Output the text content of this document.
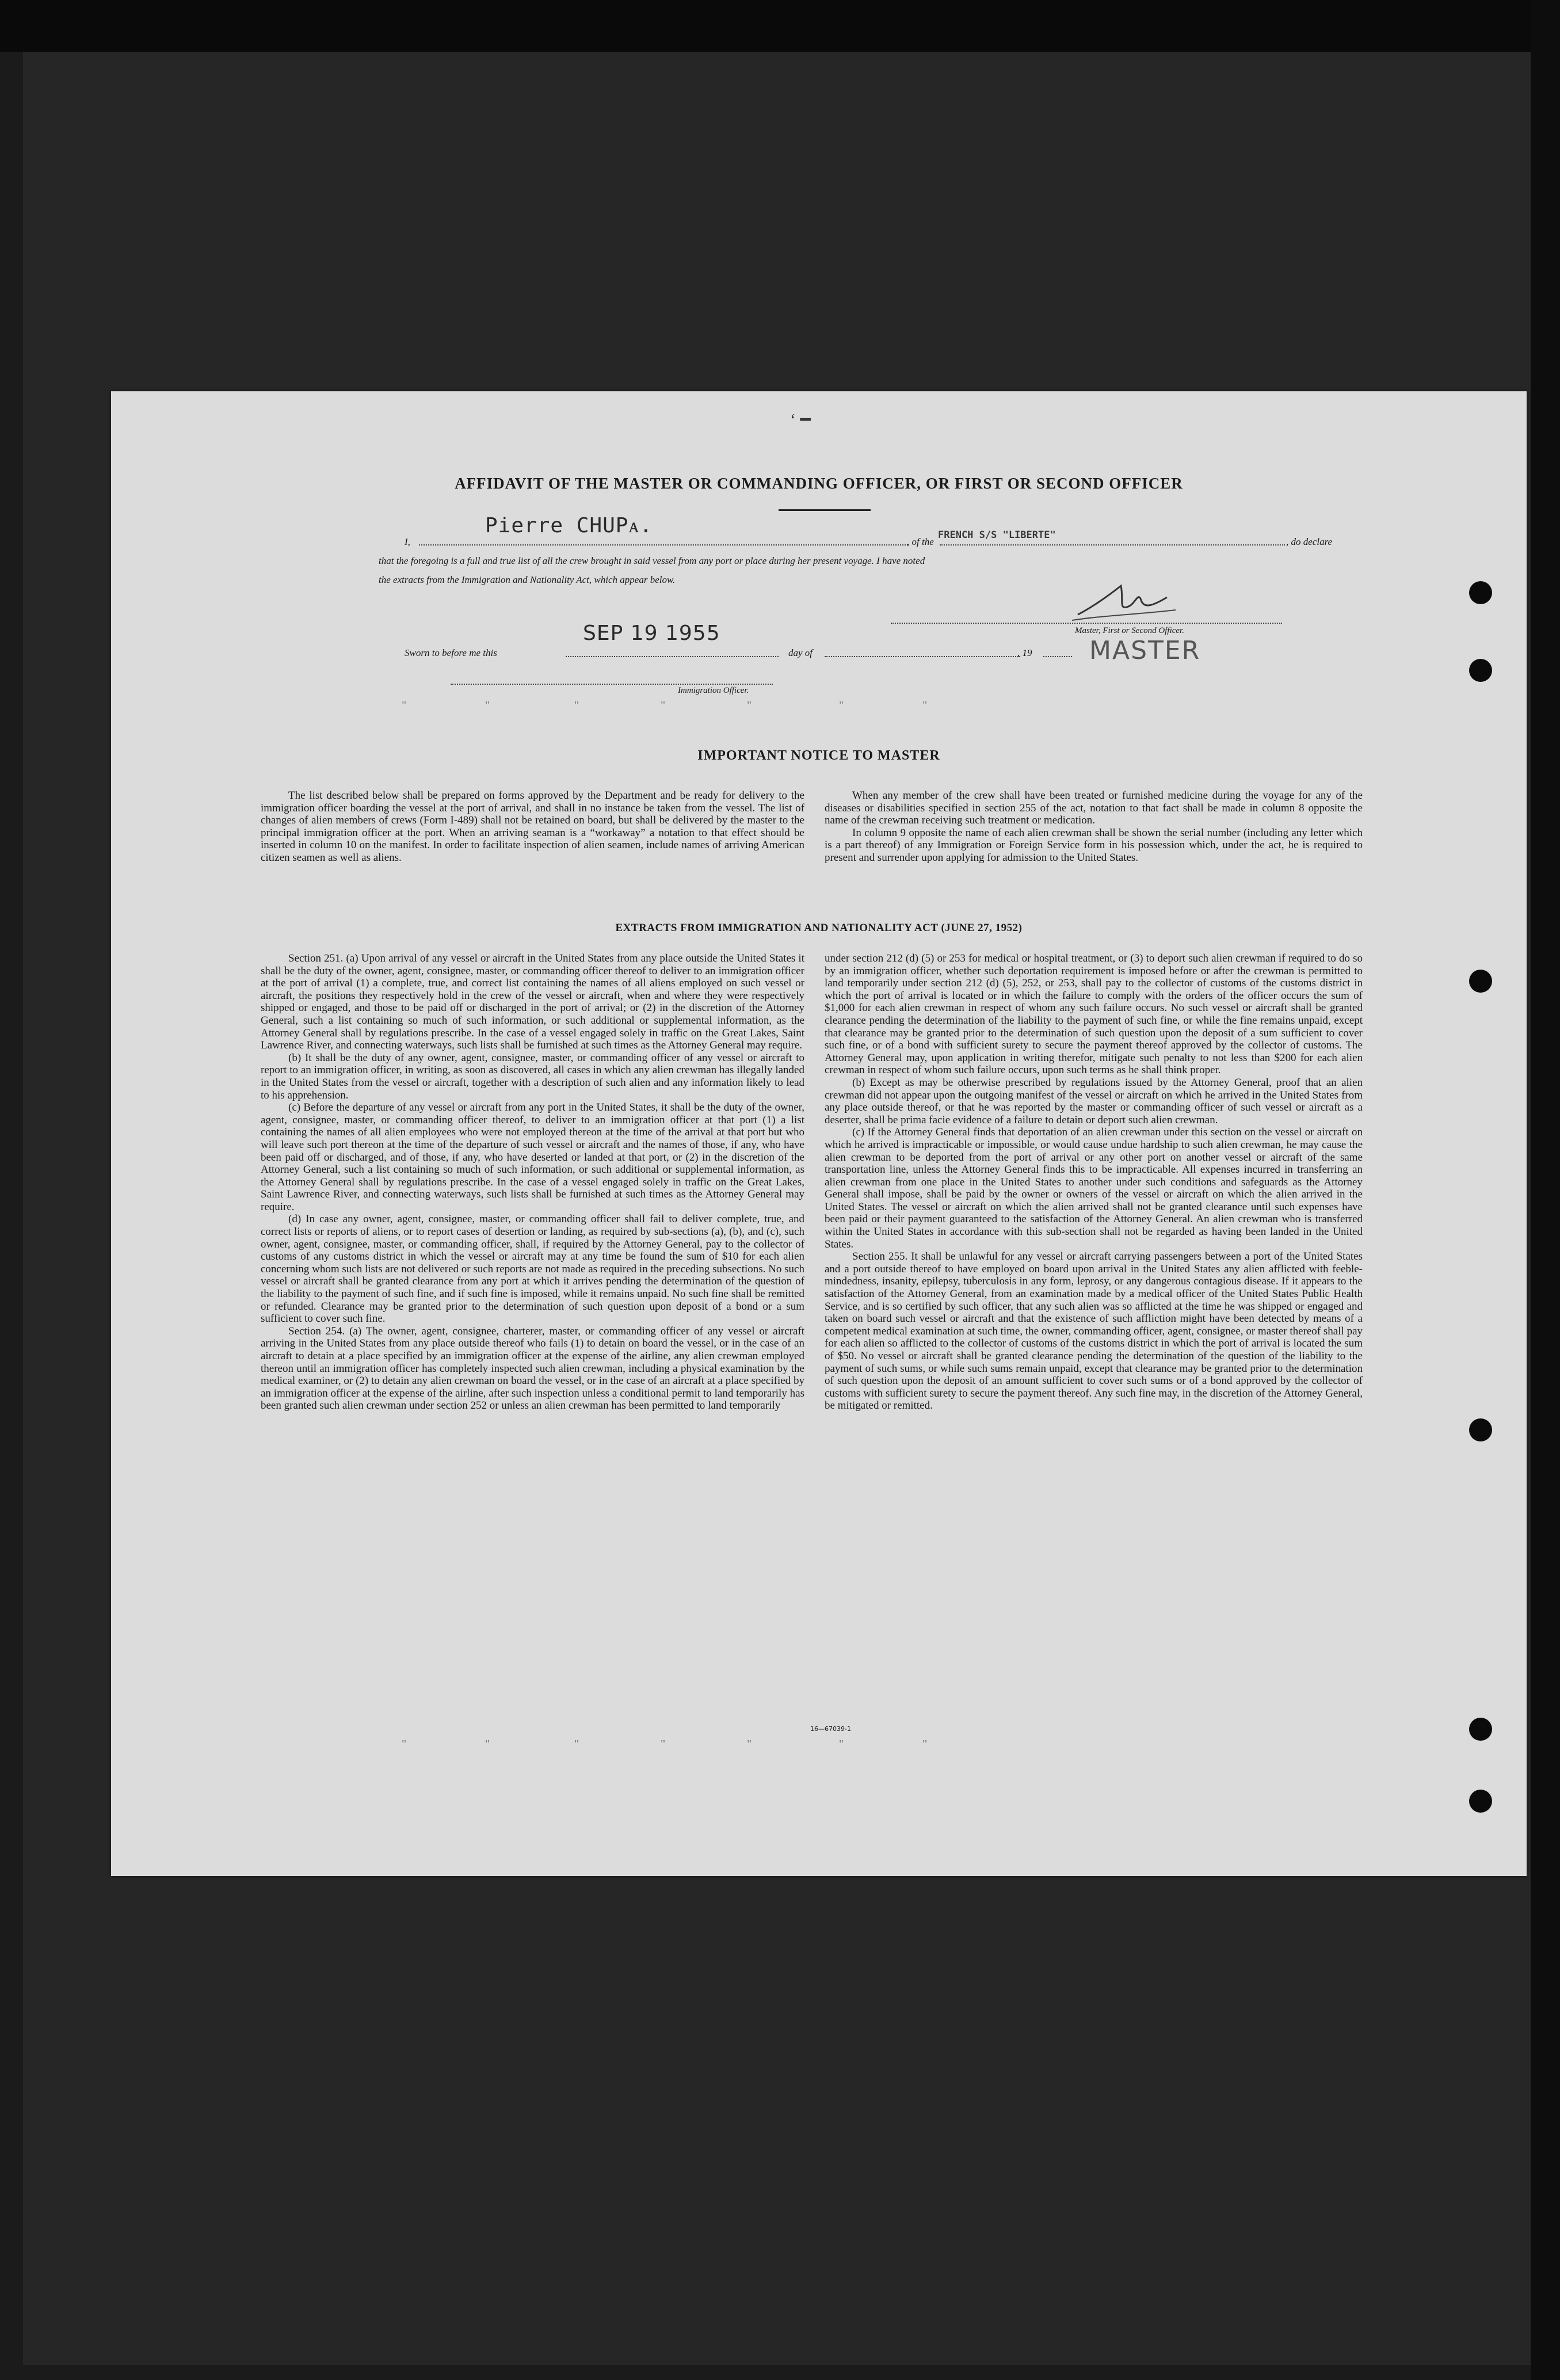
‘ ━
AFFIDAVIT OF THE MASTER OR COMMANDING OFFICER, OR FIRST OR SECOND OFFICER
I,
Pierre CHUPᴀ.
, of the
FRENCH S/S "LIBERTE"
, do declare
that the foregoing is a full and true list of all the crew brought in said vessel from any port or place during her present voyage. I have noted
the extracts from the Immigration and Nationality Act, which appear below.
Master, First or Second Officer.
MASTER
Sworn to before me this
SEP 19 1955
day of	, 19
Immigration Officer.
"	"	"	"	"	"	"
"	"	"	"	"	"	"
IMPORTANT NOTICE TO MASTER

The list described below shall be prepared on forms approved by the Department and be ready for delivery to the immigration officer boarding the vessel at the port of arrival, and shall in no instance be taken from the vessel. The list of changes of alien members of crews (Form I-489) shall not be retained on board, but shall be delivered by the master to the principal immigration officer at the port. When an arriving seaman is a “workaway” a notation to that effect should be inserted in column 10 on the manifest. In order to facilitate inspection of alien seamen, include names of arriving American citizen seamen as well as aliens.

When any member of the crew shall have been treated or furnished medicine during the voyage for any of the diseases or disabilities specified in section 255 of the act, notation to that fact shall be made in column 8 opposite the name of the crewman receiving such treatment or medication.

In column 9 opposite the name of each alien crewman shall be shown the serial number (including any letter which is a part thereof) of any Immigration or Foreign Service form in his possession which, under the act, he is required to present and surrender upon applying for admission to the United States.

EXTRACTS FROM IMMIGRATION AND NATIONALITY ACT (JUNE 27, 1952)

Section 251. (a) Upon arrival of any vessel or aircraft in the United States from any place outside the United States it shall be the duty of the owner, agent, consignee, master, or commanding officer thereof to deliver to an immigration officer at the port of arrival (1) a complete, true, and correct list containing the names of all aliens employed on such vessel or aircraft, the positions they respectively hold in the crew of the vessel or aircraft, when and where they were respectively shipped or engaged, and those to be paid off or discharged in the port of arrival; or (2) in the discretion of the Attorney General, such a list containing so much of such information, or such additional or supplemental information, as the Attorney General shall by regulations prescribe. In the case of a vessel engaged solely in traffic on the Great Lakes, Saint Lawrence River, and connecting waterways, such lists shall be furnished at such times as the Attorney General may require.

(b) It shall be the duty of any owner, agent, consignee, master, or commanding officer of any vessel or aircraft to report to an immigration officer, in writing, as soon as discovered, all cases in which any alien crewman has illegally landed in the United States from the vessel or aircraft, together with a description of such alien and any information likely to lead to his apprehension.

(c) Before the departure of any vessel or aircraft from any port in the United States, it shall be the duty of the owner, agent, consignee, master, or commanding officer thereof, to deliver to an immigration officer at that port (1) a list containing the names of all alien employees who were not employed thereon at the time of the arrival at that port but who will leave such port thereon at the time of the departure of such vessel or aircraft and the names of those, if any, who have been paid off or discharged, and of those, if any, who have deserted or landed at that port, or (2) in the discretion of the Attorney General, such a list containing so much of such information, or such additional or supplemental information, as the Attorney General shall by regulations prescribe. In the case of a vessel engaged solely in traffic on the Great Lakes, Saint Lawrence River, and connecting waterways, such lists shall be furnished at such times as the Attorney General may require.

(d) In case any owner, agent, consignee, master, or commanding officer shall fail to deliver complete, true, and correct lists or reports of aliens, or to report cases of desertion or landing, as required by sub-sections (a), (b), and (c), such owner, agent, consignee, master, or commanding officer, shall, if required by the Attorney General, pay to the collector of customs of any customs district in which the vessel or aircraft may at any time be found the sum of $10 for each alien concerning whom such lists are not delivered or such reports are not made as required in the preceding subsections. No such vessel or aircraft shall be granted clearance from any port at which it arrives pending the determination of the question of the liability to the payment of such fine, and if such fine is imposed, while it remains unpaid. No such fine shall be remitted or refunded. Clearance may be granted prior to the determination of such question upon deposit of a bond or a sum sufficient to cover such fine.

Section 254. (a) The owner, agent, consignee, charterer, master, or commanding officer of any vessel or aircraft arriving in the United States from any place outside thereof who fails (1) to detain on board the vessel, or in the case of an aircraft to detain at a place specified by an immigration officer at the expense of the airline, any alien crewman employed thereon until an immigration officer has completely inspected such alien crewman, including a physical examination by the medical examiner, or (2) to detain any alien crewman on board the vessel, or in the case of an aircraft at a place specified by an immigration officer at the expense of the airline, after such inspection unless a conditional permit to land temporarily has been granted such alien crewman under section 252 or unless an alien crewman has been permitted to land temporarily

under section 212 (d) (5) or 253 for medical or hospital treatment, or (3) to deport such alien crewman if required to do so by an immigration officer, whether such deportation requirement is imposed before or after the crewman is permitted to land temporarily under section 212 (d) (5), 252, or 253, shall pay to the collector of customs of the customs district in which the port of arrival is located or in which the failure to comply with the orders of the officer occurs the sum of $1,000 for each alien crewman in respect of whom any such failure occurs. No such vessel or aircraft shall be granted clearance pending the determination of the liability to the payment of such fine, or while the fine remains unpaid, except that clearance may be granted prior to the determination of such question upon the deposit of a sum sufficient to cover such fine, or of a bond with sufficient surety to secure the payment thereof approved by the collector of customs. The Attorney General may, upon application in writing therefor, mitigate such penalty to not less than $200 for each alien crewman in respect of whom such failure occurs, upon such terms as he shall think proper.

(b) Except as may be otherwise prescribed by regulations issued by the Attorney General, proof that an alien crewman did not appear upon the outgoing manifest of the vessel or aircraft on which he arrived in the United States from any place outside thereof, or that he was reported by the master or commanding officer of such vessel or aircraft as a deserter, shall be prima facie evidence of a failure to detain or deport such alien crewman.

(c) If the Attorney General finds that deportation of an alien crewman under this section on the vessel or aircraft on which he arrived is impracticable or impossible, or would cause undue hardship to such alien crewman, he may cause the alien crewman to be deported from the port of arrival or any other port on another vessel or aircraft of the same transportation line, unless the Attorney General finds this to be impracticable. All expenses incurred in transferring an alien crewman from one place in the United States to another under such conditions and safeguards as the Attorney General shall impose, shall be paid by the owner or owners of the vessel or aircraft on which the alien arrived in the United States. The vessel or aircraft on which the alien arrived shall not be granted clearance until such expenses have been paid or their payment guaranteed to the satisfaction of the Attorney General. An alien crewman who is transferred within the United States in accordance with this sub-section shall not be regarded as having been landed in the United States.

Section 255. It shall be unlawful for any vessel or aircraft carrying passengers between a port of the United States and a port outside thereof to have employed on board upon arrival in the United States any alien afflicted with feeble-mindedness, insanity, epilepsy, tuberculosis in any form, leprosy, or any dangerous contagious disease. If it appears to the satisfaction of the Attorney General, from an examination made by a medical officer of the United States Public Health Service, and is so certified by such officer, that any such alien was so afflicted at the time he was shipped or engaged and taken on board such vessel or aircraft and that the existence of such affliction might have been detected by means of a competent medical examination at such time, the owner, commanding officer, agent, consignee, or master thereof shall pay for each alien so afflicted to the collector of customs of the customs district in which the port of arrival is located the sum of $50. No vessel or aircraft shall be granted clearance pending the determination of the question of the liability to the payment of such sums, or while such sums remain unpaid, except that clearance may be granted prior to the determination of such question upon the deposit of an amount sufficient to cover such sums or of a bond approved by the collector of customs with sufficient surety to secure the payment thereof. Any such fine may, in the discretion of the Attorney General, be mitigated or remitted.

16—67039-1
